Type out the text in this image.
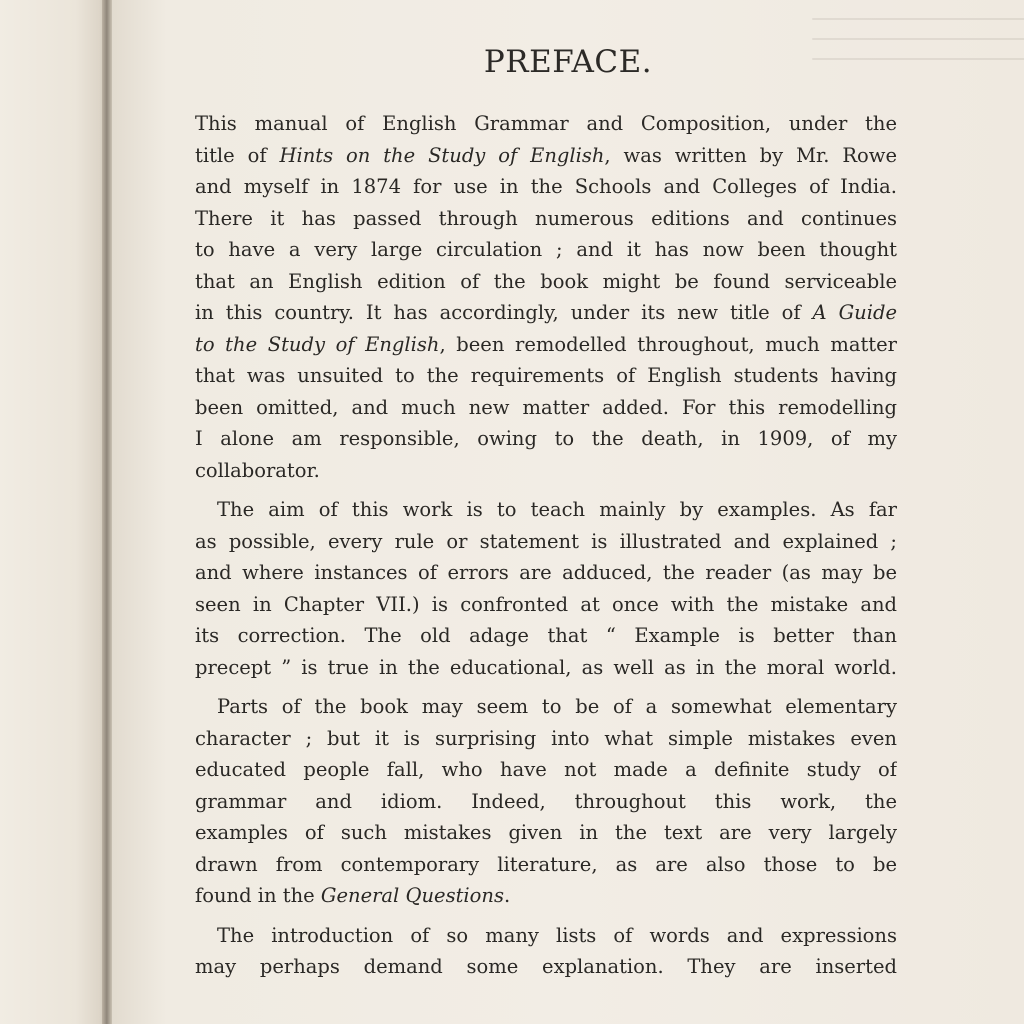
PREFACE.
This manual of English Grammar and Composition, under the
title of Hints on the Study of English, was written by Mr. Rowe
and myself in 1874 for use in the Schools and Colleges of India.
There it has passed through numerous editions and continues
to have a very large circulation ; and it has now been thought
that an English edition of the book might be found serviceable
in this country. It has accordingly, under its new title of A Guide
to the Study of English, been remodelled throughout, much matter
that was unsuited to the requirements of English students having
been omitted, and much new matter added. For this remodelling
I alone am responsible, owing to the death, in 1909, of my
collaborator.
The aim of this work is to teach mainly by examples. As far
as possible, every rule or statement is illustrated and explained ;
and where instances of errors are adduced, the reader (as may be
seen in Chapter VII.) is confronted at once with the mistake and
its correction. The old adage that “ Example is better than
precept ” is true in the educational, as well as in the moral world.
Parts of the book may seem to be of a somewhat elementary
character ; but it is surprising into what simple mistakes even
educated people fall, who have not made a definite study of
grammar and idiom. Indeed, throughout this work, the
examples of such mistakes given in the text are very largely
drawn from contemporary literature, as are also those to be
found in the General Questions.
The introduction of so many lists of words and expressions
may perhaps demand some explanation. They are inserted
